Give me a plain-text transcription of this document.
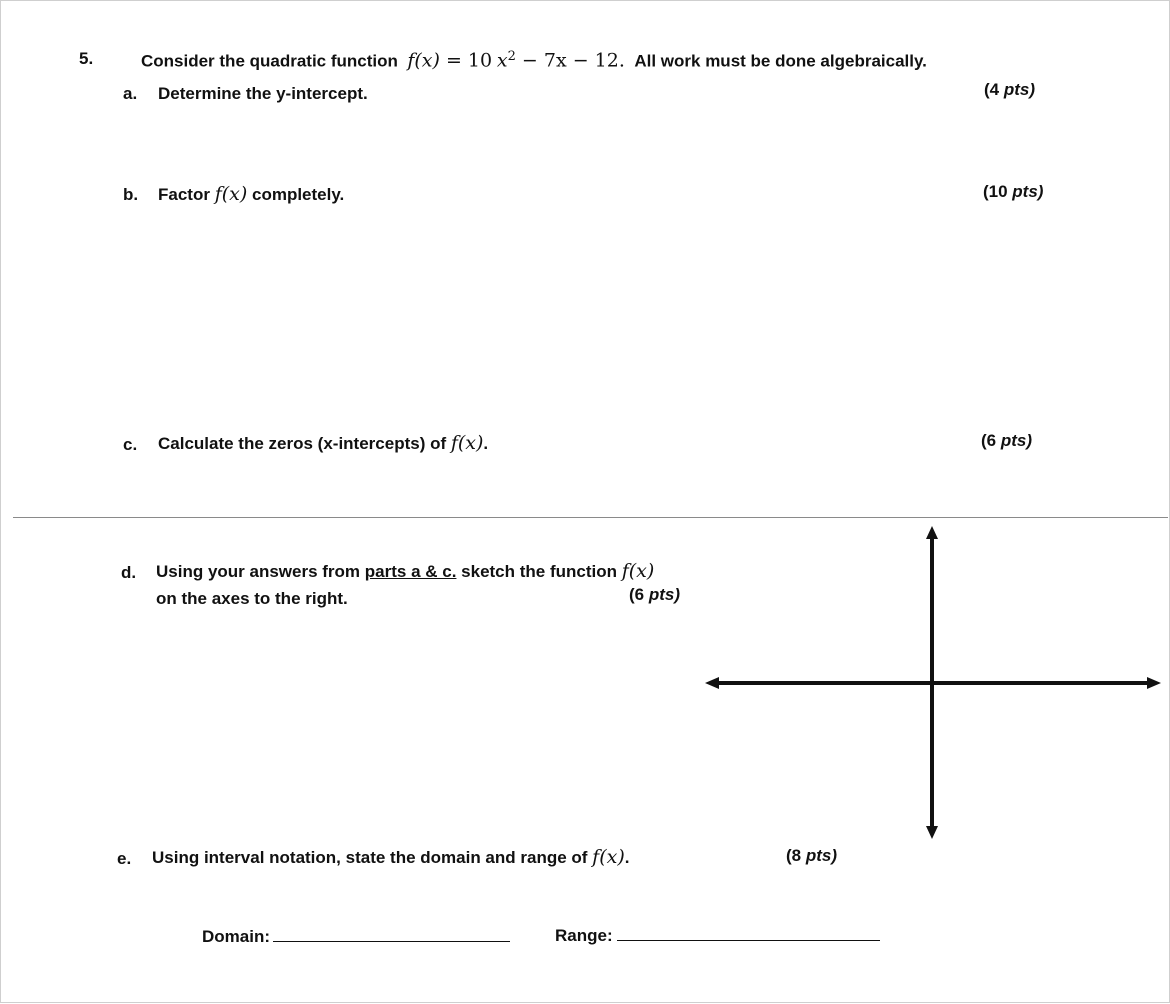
5.	Consider the quadratic function f(x) = 10 $x^2 - 7x - 12$. All work must be done algebraically.
a. Determine the y-intercept.	(4 pts)
b. Factor f(x) completely.	(10 pts)
c. Calculate the zeros (x-intercepts) of f(x).	(6 pts)
d. Using your answers from parts a & c. sketch the function f(x)
on the axes to the right.	(6 pts)
e. Using interval notation, state the domain and range of f(x).	(8 pts)
Domain:	Range:
